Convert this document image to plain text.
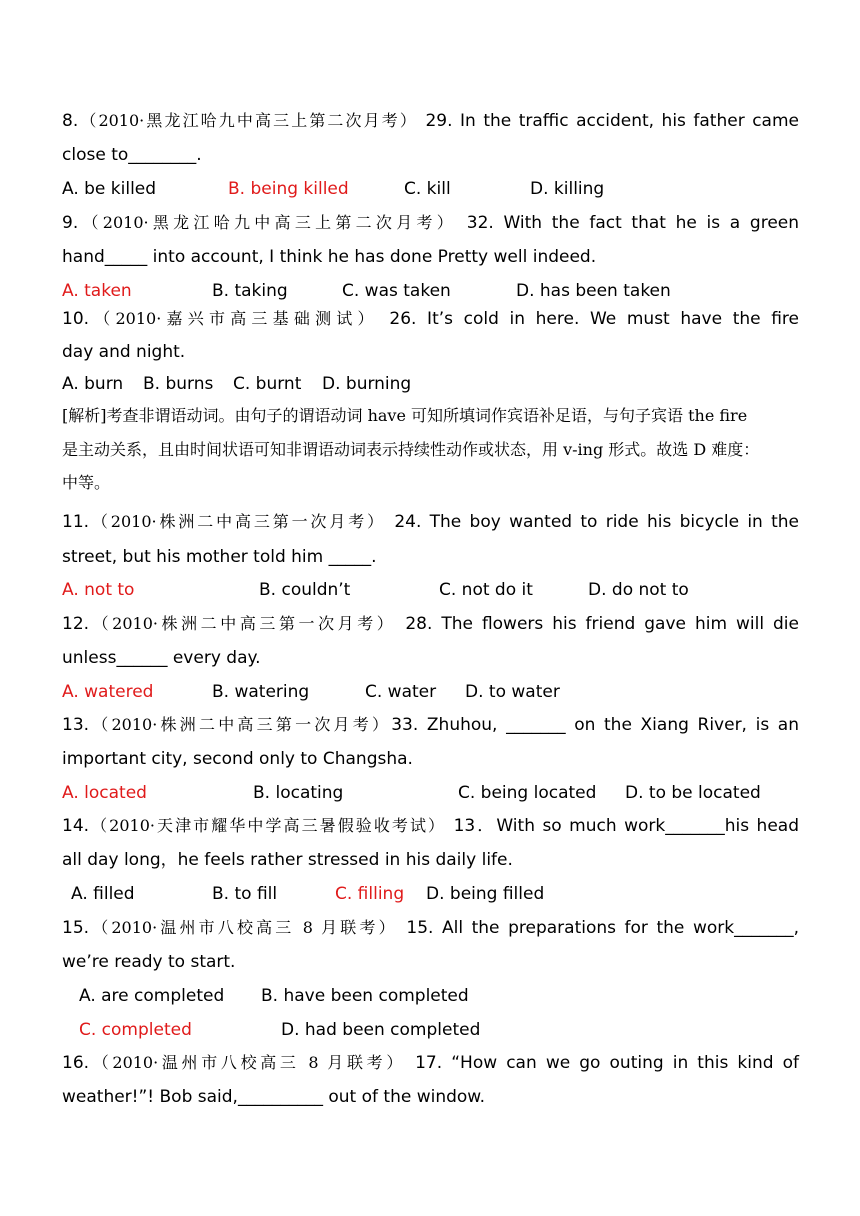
8.（2010·黑龙江哈九中高三上第二次月考） 29. In the traffic accident, his father came
close to________.
A. be killed	B. being killed	C. kill	D. killing
9.（2010·黑龙江哈九中高三上第二次月考） 32. With the fact that he is a green
hand_____ into account, I think he has done Pretty well indeed.
A. taken	B. taking	C. was taken	D. has been taken
10.（2010·嘉兴市高三基础测试） 26. It’s cold in here. We must have the fire
day and night.
A. burn B. burns C. burnt D. burning
[解析]考查非谓语动词。由句子的谓语动词 have 可知所填词作宾语补足语，与句子宾语 the fire
是主动关系，且由时间状语可知非谓语动词表示持续性动作或状态，用 v-ing 形式。故选 D 难度：
中等。
11.（2010·株洲二中高三第一次月考） 24. The boy wanted to ride his bicycle in the
street, but his mother told him _____.
A. not to	B. couldn’t	C. not do it	D. do not to
12.（2010·株洲二中高三第一次月考） 28. The flowers his friend gave him will die
unless______ every day.
A. watered	B. watering	C. water D. to water
13.（2010·株洲二中高三第一次月考）33. Zhuhou, _______ on the Xiang River, is an
important city, second only to Changsha.
A. located	B. locating	C. being located D. to be located
14.（2010·天津市耀华中学高三暑假验收考试） 13．With so much work_______his head
all day long，he feels rather stressed in his daily life.
A. filled	B. to fill	C. filling D. being filled
15.（2010·温州市八校高三 8 月联考） 15. All the preparations for the work_______,
we’re ready to start.
A. are completed B. have been completed
C. completed	D. had been completed
16.（2010·温州市八校高三 8 月联考） 17. “How can we go outing in this kind of
weather!”! Bob said,__________ out of the window.
